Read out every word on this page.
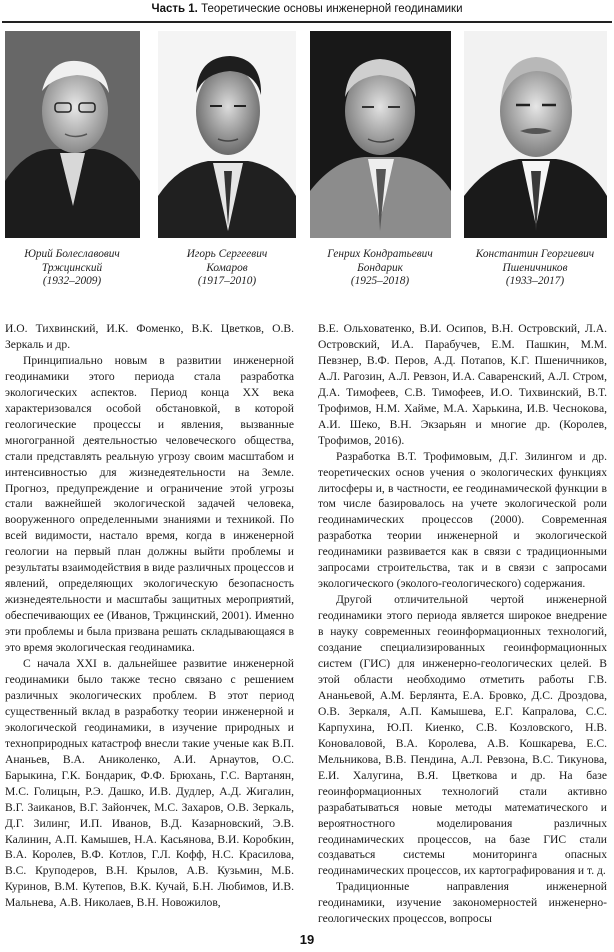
Часть 1. Теоретические основы инженерной геодинамики
Юрий Болеславович
Тржцинский
(1932–2009)
Игорь Сергеевич
Комаров
(1917–2010)
Генрих Кондратьевич
Бондарик
(1925–2018)
Константин Георгиевич
Пшеничников
(1933–2017)

И.О. Тихвинский, И.К. Фоменко, В.К. Цветков, О.В. Зеркаль и др.

Принципиально новым в развитии инженерной геодинамики этого периода стала разработка экологических аспектов. Период конца XX века характеризовался особой обстановкой, в которой геологические процессы и явления, вызванные многогранной деятельностью человеческого общества, стали представлять реальную угрозу своим масштабом и интенсивностью для жизнедеятельности на Земле. Прогноз, предупреждение и ограничение этой угрозы стали важнейшей экологической задачей человека, вооруженного определенными знаниями и техникой. По всей видимости, настало время, когда в инженерной геологии на первый план должны выйти проблемы и результаты взаимодействия в виде различных процессов и явлений, определяющих экологическую безопасность жизнедеятельности и масштабы защитных мероприятий, обеспечивающих ее (Иванов, Тржцинский, 2001). Именно эти проблемы и была призвана решать складывающаяся в это время экологическая геодинамика.

С начала XXI в. дальнейшее развитие инженерной геодинамики было также тесно связано с решением различных экологических проблем. В этот период существенный вклад в разработку теории инженерной и экологической геодинамики, в изучение природных и технoприродных катастроф внесли такие ученые как В.П. Ананьев, В.А. Аниколенко, А.И. Арнаутов, О.С. Барыкина, Г.К. Бондарик, Ф.Ф. Брюхань, Г.С. Вартанян, М.С. Голицын, Р.Э. Дашко, И.В. Дудлер, А.Д. Жигалин, В.Г. Заиканов, В.Г. Зайончек, М.С. Захаров, О.В. Зеркаль, Д.Г. Зилинг, И.П. Иванов, В.Д. Казарновский, Э.В. Калинин, А.П. Камышев, Н.А. Касьянова, В.И. Коробкин, В.А. Королев, В.Ф. Котлов, Г.Л. Кофф, Н.С. Красилова, В.С. Круподеров, В.Н. Крылов, А.В. Кузьмин, М.Б. Куринов, В.М. Кутепов, В.К. Кучай, Б.Н. Любимов, И.В. Мальнева, А.В. Николаев, В.Н. Новожилов,

В.Е. Ольховатенко, В.И. Осипов, В.Н. Островский, Л.А. Островский, И.А. Парабучев, Е.М. Пашкин, М.М. Певзнер, В.Ф. Перов, А.Д. Потапов, К.Г. Пшеничников, А.Л. Рагозин, А.Л. Ревзон, И.А. Саваренский, А.Л. Стром, Д.А. Тимофеев, С.В. Тимофеев, И.О. Тихвинский, В.Т. Трофимов, Н.М. Хайме, М.А. Харькина, И.В. Чеснокова, А.И. Шеко, В.Н. Экзарьян и многие др. (Королев, Трофимов, 2016).

Разработка В.Т. Трофимовым, Д.Г. Зилингом и др. теоретических основ учения о экологических функциях литосферы и, в частности, ее геодинамической функции в том числе базировалось на учете экологической роли геодинамических процессов (2000). Современная разработка теории инженерной и экологической геодинамики развивается как в связи с традиционными запросами строительства, так и в связи с запросами экологического (эколого-геологического) содержания.

Другой отличительной чертой инженерной геодинамики этого периода является широкое внедрение в науку современных геоинформационных технологий, создание специализированных геоинформационных систем (ГИС) для инженерно-геологических целей. В этой области необходимо отметить работы Г.В. Ананьевой, А.М. Берлянта, Е.А. Бровко, Д.С. Дроздова, О.В. Зеркаля, А.П. Камышева, Е.Г. Капралова, С.С. Карпухина, Ю.П. Киенко, С.В. Козловского, Н.В. Коноваловой, В.А. Королева, А.В. Кошкарева, Е.С. Мельниковa, В.В. Пендина, А.Л. Ревзона, В.С. Тикунова, Е.И. Халугина, В.Я. Цветкова и др. На базе геоинформационных технологий стали активно разрабатываться новые методы математического и вероятностного моделирования различных геодинамических процессов, на базе ГИС стали создаваться системы мониторинга опасных геодинамических процессов, их картографирования и т. д.

Традиционные направления инженерной геодинамики, изучение закономерностей инженерно-геологических процессов, вопросы

19
